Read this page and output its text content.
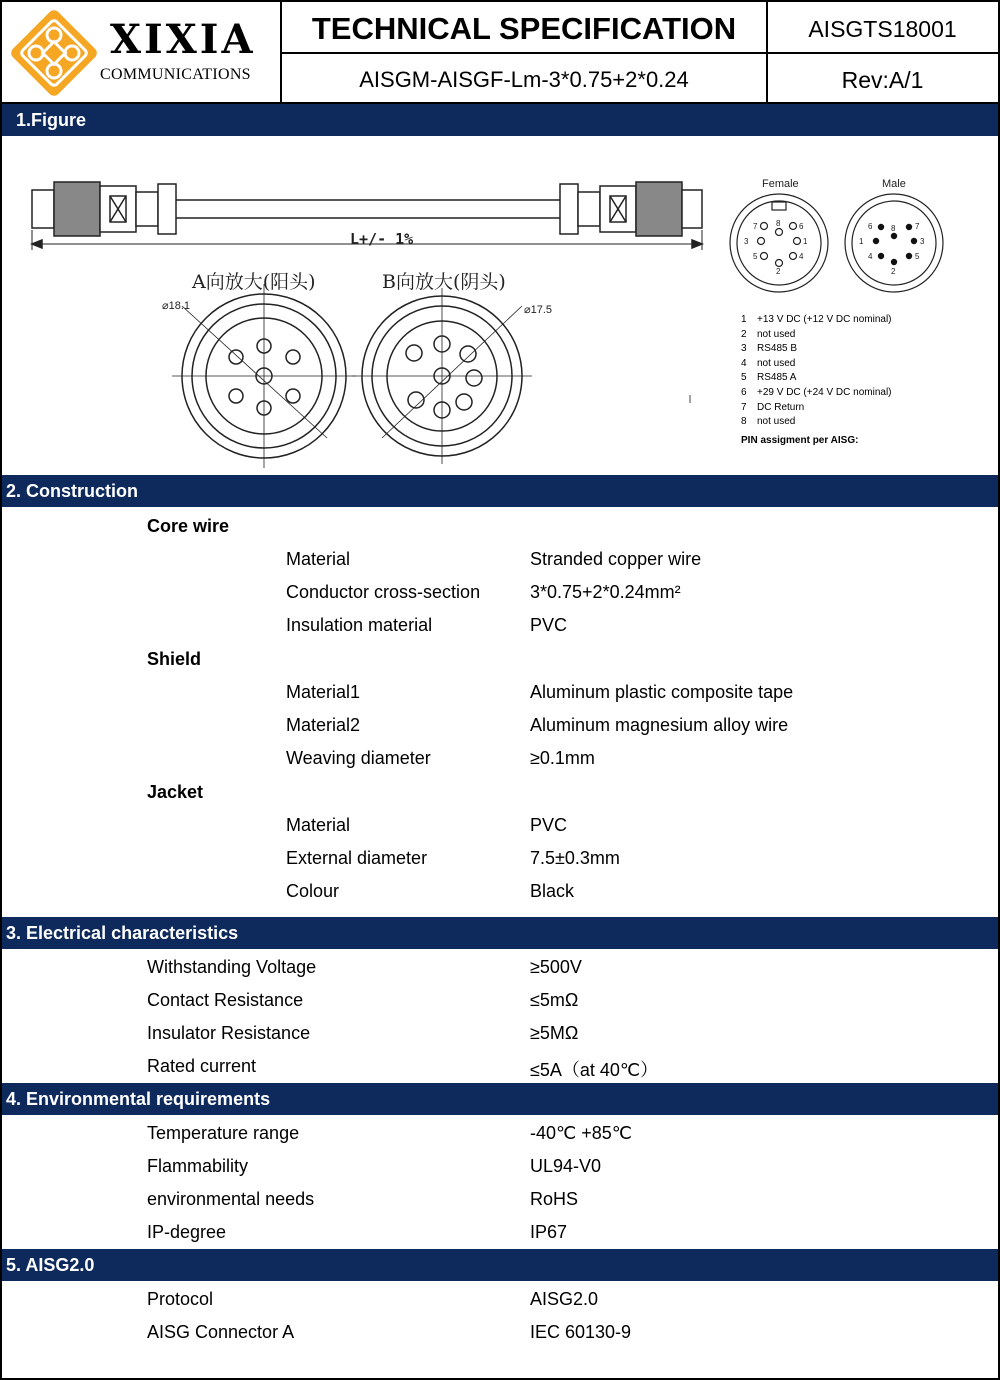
XIXIA
COMMUNICATIONS
TECHNICAL SPECIFICATION
AISGM-AISGF-Lm-3*0.75+2*0.24
AISGTS18001
Rev:A/1
1.Figure
L+/- 1%
A向放大(阳头)
⌀18.1
B向放大(阴头)
⌀17.5
Female	Male
7 8 6
3	1
5	4
2
6 8 7
1	3
4	5
2
PIN assigment per AISG:
1 +13 V DC (+12 V DC nominal)
2 not used
3 RS485 B
4 not used
5 RS485 A
6 +29 V DC (+24 V DC nominal)
7 DC Return
8 not used
2. Construction
Core wire
Material	Stranded copper wire
Conductor cross-section	3*0.75+2*0.24mm²
Insulation material	PVC
Shield
Material1	Aluminum plastic composite tape
Material2	Aluminum magnesium alloy wire
Weaving diameter	≥0.1mm
Jacket
Material	PVC
External diameter	7.5±0.3mm
Colour	Black
3. Electrical characteristics
Withstanding Voltage	≥500V
Contact Resistance	≤5mΩ
Insulator Resistance	≥5MΩ
Rated current	≤5A（at 40℃）
4. Environmental requirements
Temperature range	-40℃ +85℃
Flammability	UL94-V0
environmental needs	RoHS
IP-degree	IP67
5. AISG2.0
Protocol	AISG2.0
AISG Connector A	IEC 60130-9
